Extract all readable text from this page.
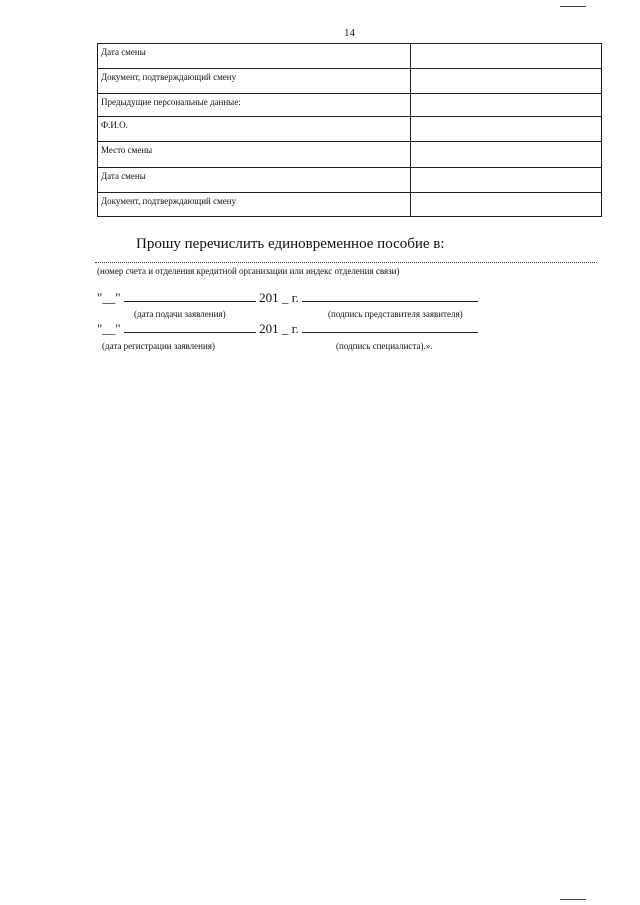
14
Дата смены	

Документ, подтверждающий смену	

Предыдущие персональные данные:	

Ф.И.О.	

Место смены	

Дата смены	

Документ, подтверждающий смену	

Прошу перечислить единовременное пособие в:
(номер счета и отделения кредитной организации или индекс отделения связи)
"__"	201 _ г.
(дата подачи заявления)	(подпись представителя заявителя)
"__"	201 _ г.
(дата регистрации заявления)	(подпись специалиста).».
